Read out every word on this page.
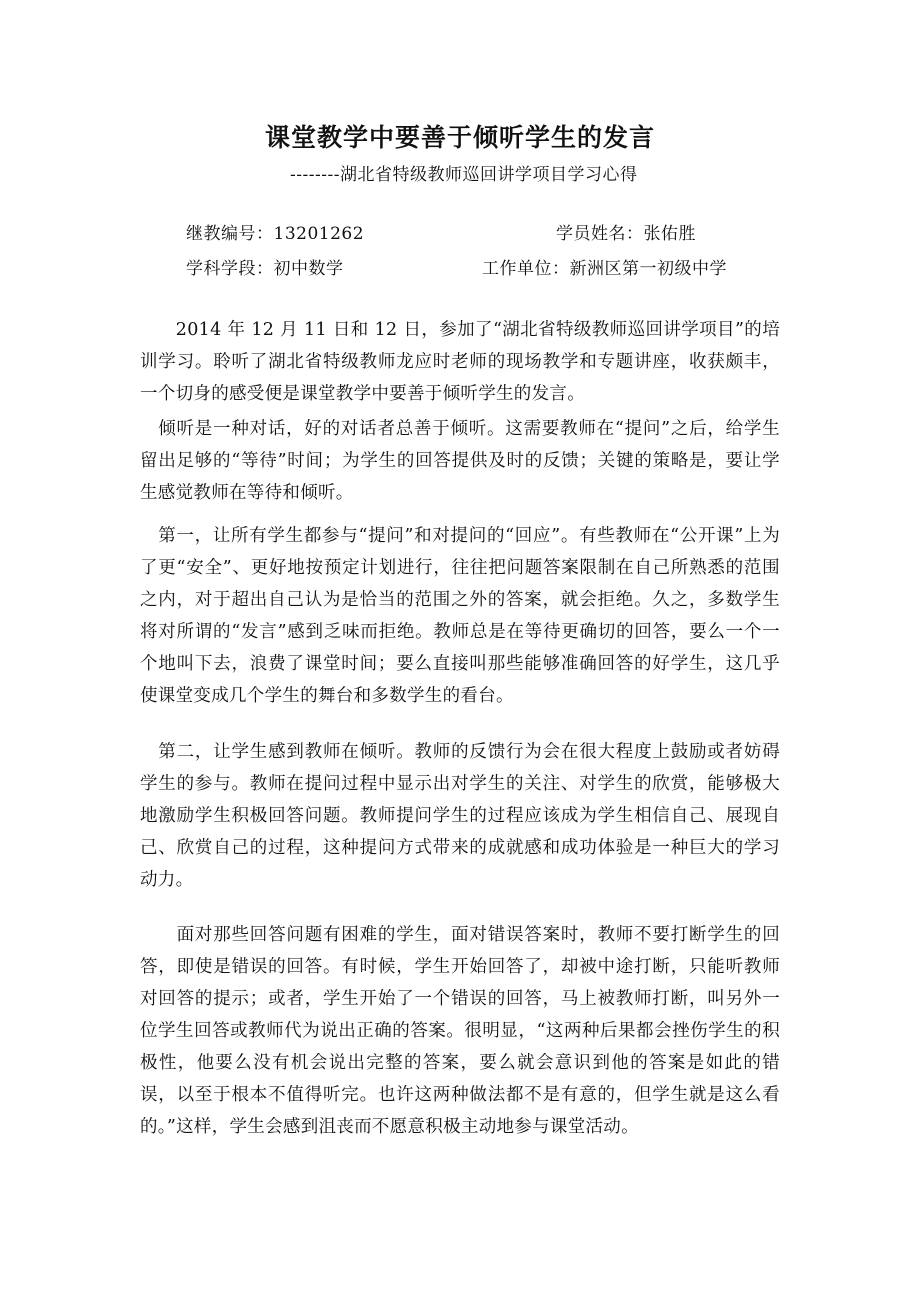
课堂教学中要善于倾听学生的发言
--------湖北省特级教师巡回讲学项目学习心得
继教编号：13201262	学员姓名：张佑胜
学科学段：初中数学	工作单位：新洲区第一初级中学

　　2014 年 12 月 11 日和 12 日，参加了“湖北省特级教师巡回讲学项目”的培训学习。聆听了湖北省特级教师龙应时老师的现场教学和专题讲座，收获颇丰，一个切身的感受便是课堂教学中要善于倾听学生的发言。

　倾听是一种对话，好的对话者总善于倾听。这需要教师在“提问”之后，给学生留出足够的“等待”时间；为学生的回答提供及时的反馈；关键的策略是，要让学生感觉教师在等待和倾听。

　第一，让所有学生都参与“提问”和对提问的“回应”。有些教师在“公开课”上为了更“安全”、更好地按预定计划进行，往往把问题答案限制在自己所熟悉的范围之内，对于超出自己认为是恰当的范围之外的答案，就会拒绝。久之，多数学生将对所谓的“发言”感到乏味而拒绝。教师总是在等待更确切的回答，要么一个一个地叫下去，浪费了课堂时间；要么直接叫那些能够准确回答的好学生，这几乎使课堂变成几个学生的舞台和多数学生的看台。

　第二，让学生感到教师在倾听。教师的反馈行为会在很大程度上鼓励或者妨碍学生的参与。教师在提问过程中显示出对学生的关注、对学生的欣赏，能够极大地激励学生积极回答问题。教师提问学生的过程应该成为学生相信自己、展现自己、欣赏自己的过程，这种提问方式带来的成就感和成功体验是一种巨大的学习动力。

　　面对那些回答问题有困难的学生，面对错误答案时，教师不要打断学生的回答，即使是错误的回答。有时候，学生开始回答了，却被中途打断，只能听教师对回答的提示；或者，学生开始了一个错误的回答，马上被教师打断，叫另外一位学生回答或教师代为说出正确的答案。很明显，“这两种后果都会挫伤学生的积极性，他要么没有机会说出完整的答案，要么就会意识到他的答案是如此的错误，以至于根本不值得听完。也许这两种做法都不是有意的，但学生就是这么看的。”这样，学生会感到沮丧而不愿意积极主动地参与课堂活动。
